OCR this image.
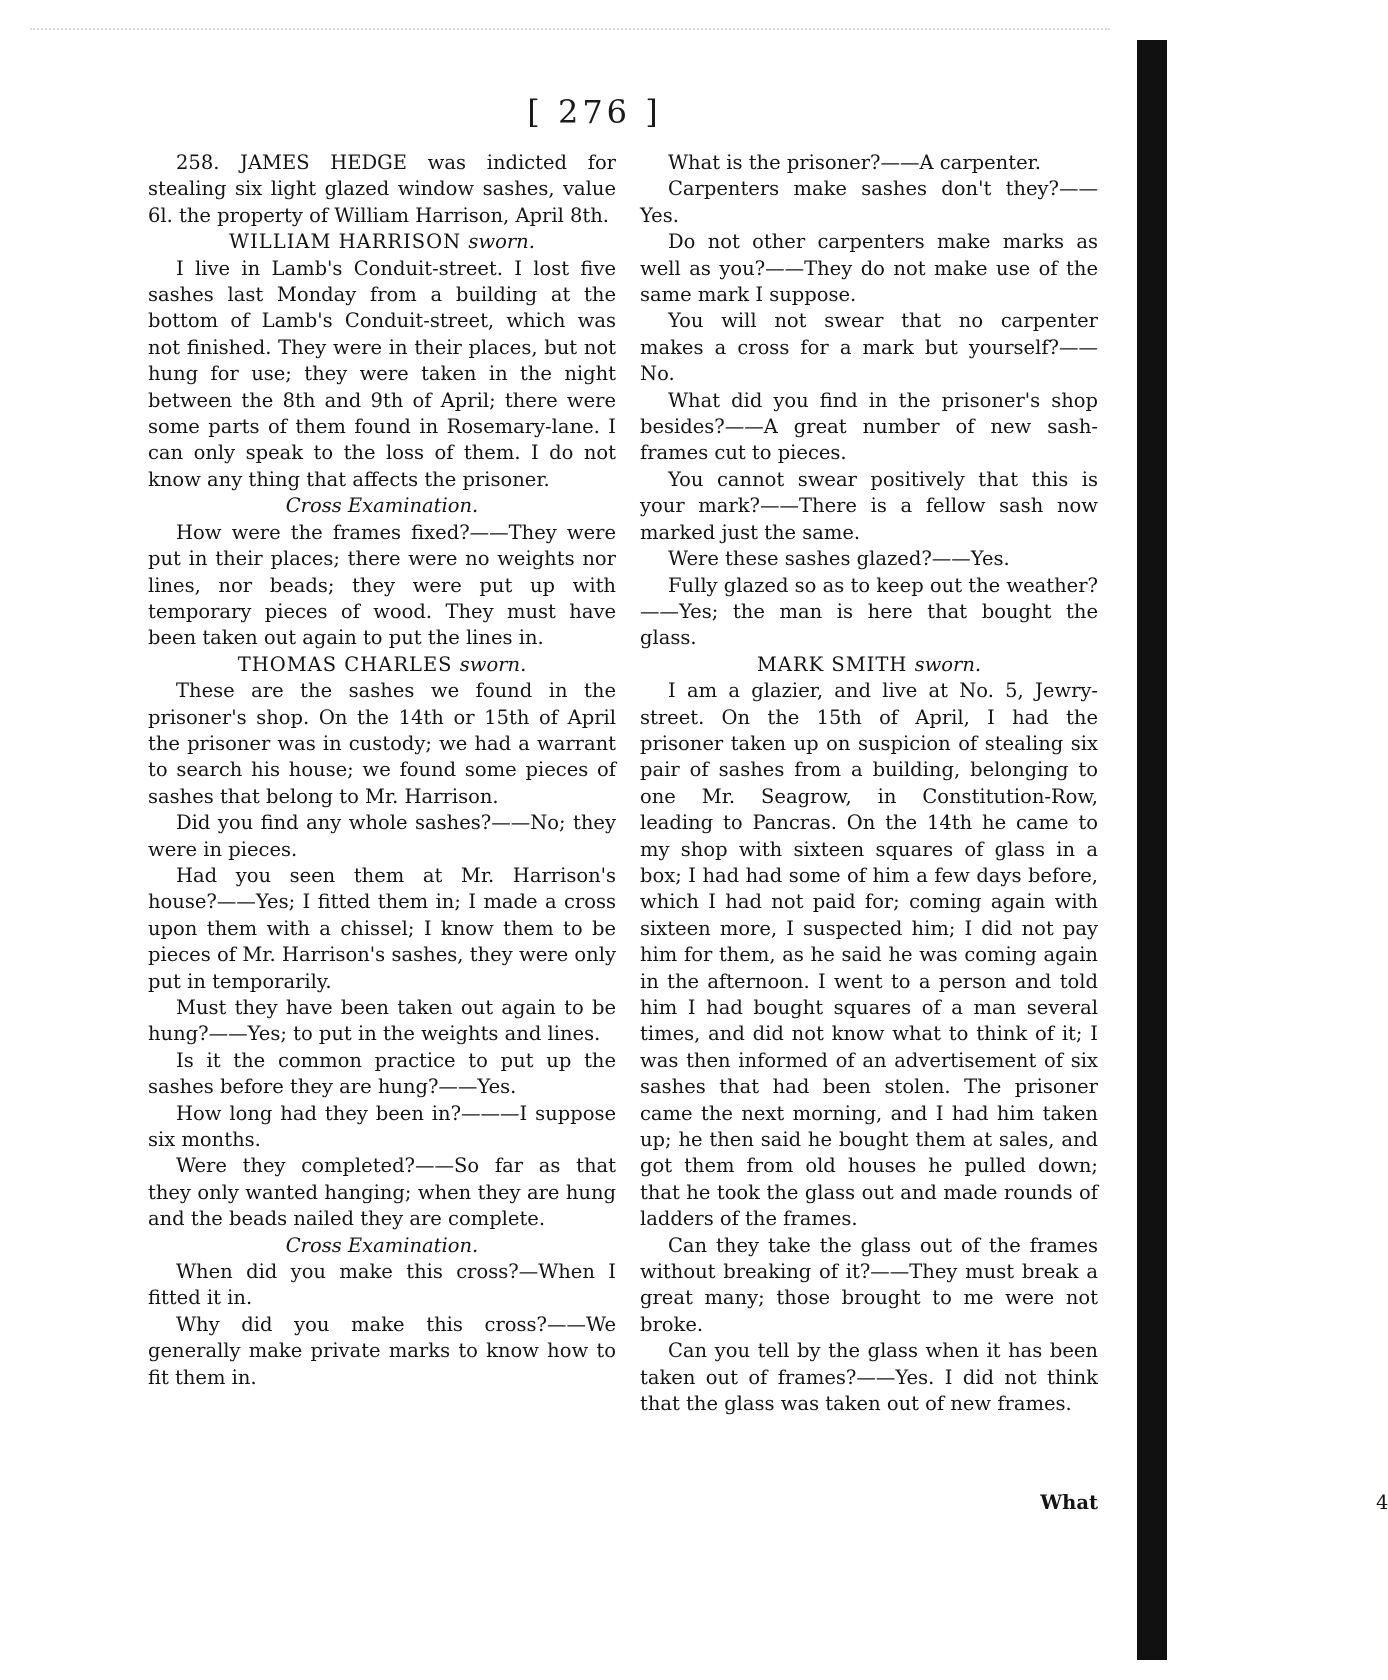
[ 276 ]

258. JAMES HEDGE was indicted for stealing six light glazed window sashes, value 6l. the property of William Harrison, April 8th.

WILLIAM HARRISON sworn.

I live in Lamb's Conduit-street. I lost five sashes last Monday from a building at the bottom of Lamb's Conduit-street, which was not finished. They were in their places, but not hung for use; they were taken in the night between the 8th and 9th of April; there were some parts of them found in Rosemary-lane. I can only speak to the loss of them. I do not know any thing that affects the prisoner.

Cross Examination.

How were the frames fixed?——They were put in their places; there were no weights nor lines, nor beads; they were put up with temporary pieces of wood. They must have been taken out again to put the lines in.

THOMAS CHARLES sworn.

These are the sashes we found in the prisoner's shop. On the 14th or 15th of April the prisoner was in custody; we had a warrant to search his house; we found some pieces of sashes that belong to Mr. Harrison.

Did you find any whole sashes?——No; they were in pieces.

Had you seen them at Mr. Harrison's house?——Yes; I fitted them in; I made a cross upon them with a chissel; I know them to be pieces of Mr. Harrison's sashes, they were only put in temporarily.

Must they have been taken out again to be hung?——Yes; to put in the weights and lines.

Is it the common practice to put up the sashes before they are hung?——Yes.

How long had they been in?———I suppose six months.

Were they completed?——So far as that they only wanted hanging; when they are hung and the beads nailed they are complete.

Cross Examination.

When did you make this cross?—When I fitted it in.

Why did you make this cross?——We generally make private marks to know how to fit them in.

What is the prisoner?——A carpenter.

Carpenters make sashes don't they?——Yes.

Do not other carpenters make marks as well as you?——They do not make use of the same mark I suppose.

You will not swear that no carpenter makes a cross for a mark but yourself?——No.

What did you find in the prisoner's shop besides?——A great number of new sash-frames cut to pieces.

You cannot swear positively that this is your mark?——There is a fellow sash now marked just the same.

Were these sashes glazed?——Yes.

Fully glazed so as to keep out the weather?——Yes; the man is here that bought the glass.

MARK SMITH sworn.

I am a glazier, and live at No. 5, Jewry-street. On the 15th of April, I had the prisoner taken up on suspicion of stealing six pair of sashes from a building, belonging to one Mr. Seagrow, in Constitution-Row, leading to Pancras. On the 14th he came to my shop with sixteen squares of glass in a box; I had had some of him a few days before, which I had not paid for; coming again with sixteen more, I suspected him; I did not pay him for them, as he said he was coming again in the afternoon. I went to a person and told him I had bought squares of a man several times, and did not know what to think of it; I was then informed of an advertisement of six sashes that had been stolen. The prisoner came the next morning, and I had him taken up; he then said he bought them at sales, and got them from old houses he pulled down; that he took the glass out and made rounds of ladders of the frames.

Can they take the glass out of the frames without breaking of it?——They must break a great many; those brought to me were not broke.

Can you tell by the glass when it has been taken out of frames?——Yes. I did not think that the glass was taken out of new frames.

4
What
